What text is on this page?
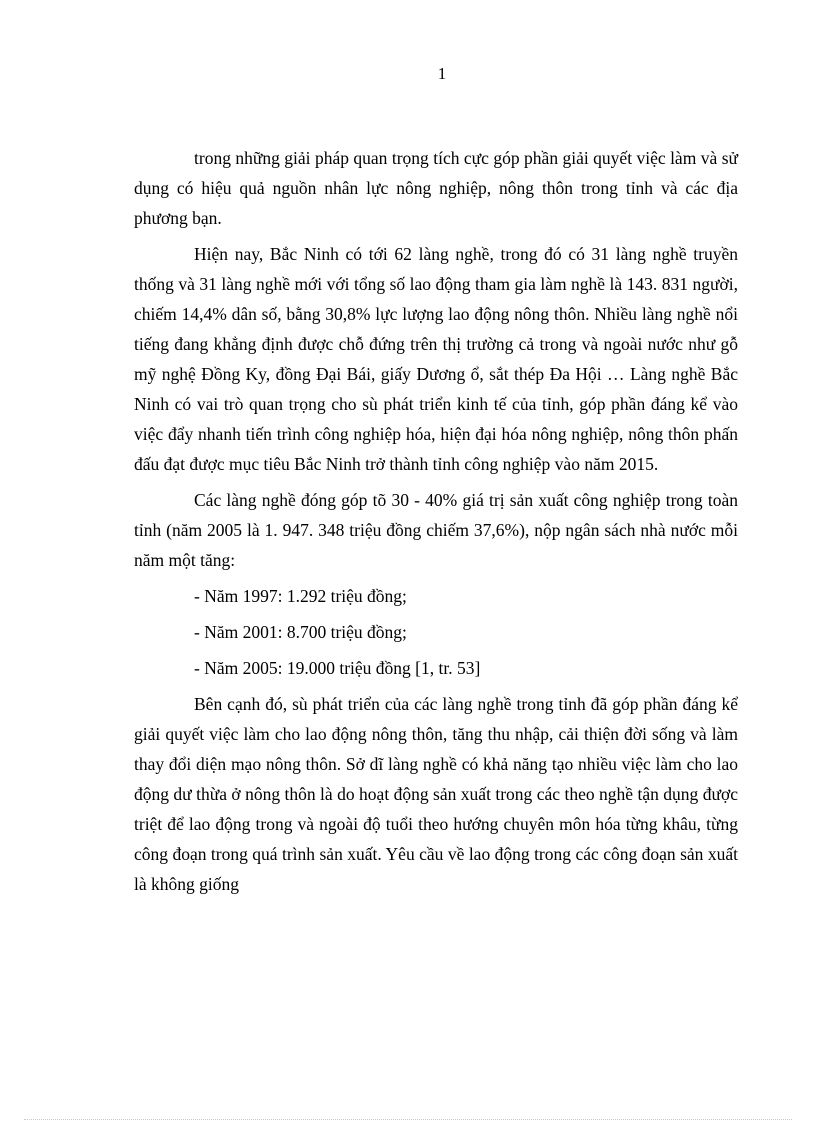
1

trong những giải pháp quan trọng tích cực góp phần giải quyết việc làm và sử dụng có hiệu quả nguồn nhân lực nông nghiệp, nông thôn trong tỉnh và các địa phương bạn.

Hiện nay, Bắc Ninh có tới 62 làng nghề, trong đó có 31 làng nghề truyền thống và 31 làng nghề mới với tổng số lao động tham gia làm nghề là 143. 831 người, chiếm 14,4% dân số, bằng 30,8% lực lượng lao động nông thôn. Nhiều làng nghề nổi tiếng đang khẳng định được chỗ đứng trên thị trường cả trong và ngoài nước như gỗ mỹ nghệ Đồng Ky, đồng Đại Bái, giấy Dương ổ, sắt thép Đa Hội … Làng nghề Bắc Ninh có vai trò quan trọng cho sù phát triển kinh tế của tỉnh, góp phần đáng kể vào việc đẩy nhanh tiến trình công nghiệp hóa, hiện đại hóa nông nghiệp, nông thôn phấn đấu đạt được mục tiêu Bắc Ninh trở thành tỉnh công nghiệp vào năm 2015.

Các làng nghề đóng góp tõ 30 - 40% giá trị sản xuất công nghiệp trong toàn tỉnh (năm 2005 là 1. 947. 348 triệu đồng chiếm 37,6%), nộp ngân sách nhà nước mỗi năm một tăng:

- Năm 1997: 1.292 triệu đồng;

- Năm 2001: 8.700 triệu đồng;

- Năm 2005: 19.000 triệu đồng [1, tr. 53]

Bên cạnh đó, sù phát triển của các làng nghề trong tỉnh đã góp phần đáng kể giải quyết việc làm cho lao động nông thôn, tăng thu nhập, cải thiện đời sống và làm thay đổi diện mạo nông thôn. Sở dĩ làng nghề có khả năng tạo nhiều việc làm cho lao động dư thừa ở nông thôn là do hoạt động sản xuất trong các theo nghề tận dụng được triệt để lao động trong và ngoài độ tuổi theo hướng chuyên môn hóa từng khâu, từng công đoạn trong quá trình sản xuất. Yêu cầu về lao động trong các công đoạn sản xuất là không giống
